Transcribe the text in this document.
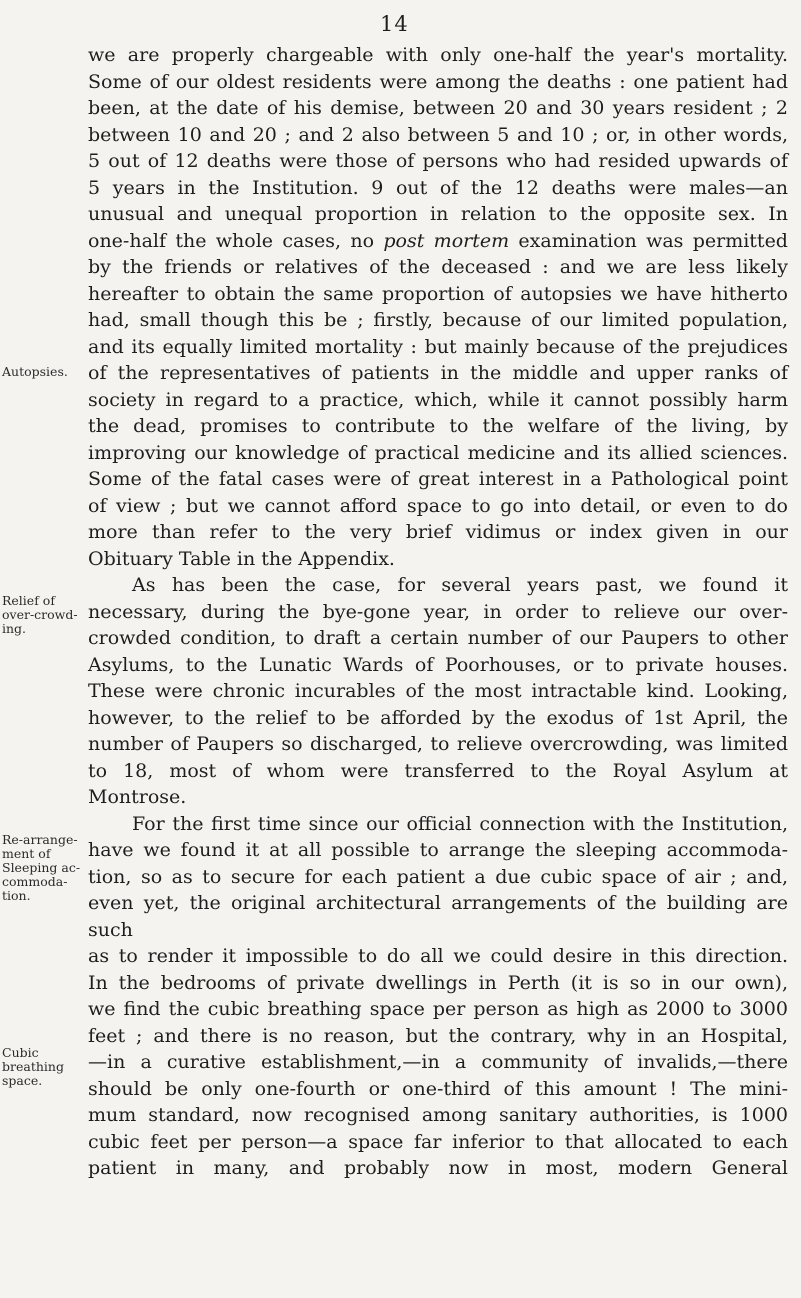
14
Autopsies.
Relief of over-crowd-ing.
Re-arrange-ment of Sleeping ac-commoda-tion.
Cubic breathing space.

we are properly chargeable with only one-half the year's mortality.

Some of our oldest residents were among the deaths : one patient had

been, at the date of his demise, between 20 and 30 years resident ; 2

between 10 and 20 ; and 2 also between 5 and 10 ; or, in other words,

5 out of 12 deaths were those of persons who had resided upwards of

5 years in the Institution. 9 out of the 12 deaths were males—an

unusual and unequal proportion in relation to the opposite sex. In

one-half the whole cases, no post mortem examination was permitted

by the friends or relatives of the deceased : and we are less likely

hereafter to obtain the same proportion of autopsies we have hitherto

had, small though this be ; firstly, because of our limited population,

and its equally limited mortality : but mainly because of the prejudices

of the representatives of patients in the middle and upper ranks of

society in regard to a practice, which, while it cannot possibly harm

the dead, promises to contribute to the welfare of the living, by

improving our knowledge of practical medicine and its allied sciences.

Some of the fatal cases were of great interest in a Pathological point

of view ; but we cannot afford space to go into detail, or even to do

more than refer to the very brief vidimus or index given in our

Obituary Table in the Appendix.

As has been the case, for several years past, we found it

necessary, during the bye-gone year, in order to relieve our over-

crowded condition, to draft a certain number of our Paupers to other

Asylums, to the Lunatic Wards of Poorhouses, or to private houses.

These were chronic incurables of the most intractable kind. Looking,

however, to the relief to be afforded by the exodus of 1st April, the

number of Paupers so discharged, to relieve overcrowding, was limited

to 18, most of whom were transferred to the Royal Asylum at

Montrose.

For the first time since our official connection with the Institution,

have we found it at all possible to arrange the sleeping accommoda-

tion, so as to secure for each patient a due cubic space of air ; and,

even yet, the original architectural arrangements of the building are such

as to render it impossible to do all we could desire in this direction.

In the bedrooms of private dwellings in Perth (it is so in our own),

we find the cubic breathing space per person as high as 2000 to 3000

feet ; and there is no reason, but the contrary, why in an Hospital,

—in a curative establishment,—in a community of invalids,—there

should be only one-fourth or one-third of this amount ! The mini-

mum standard, now recognised among sanitary authorities, is 1000

cubic feet per person—a space far inferior to that allocated to each

patient in many, and probably now in most, modern General
